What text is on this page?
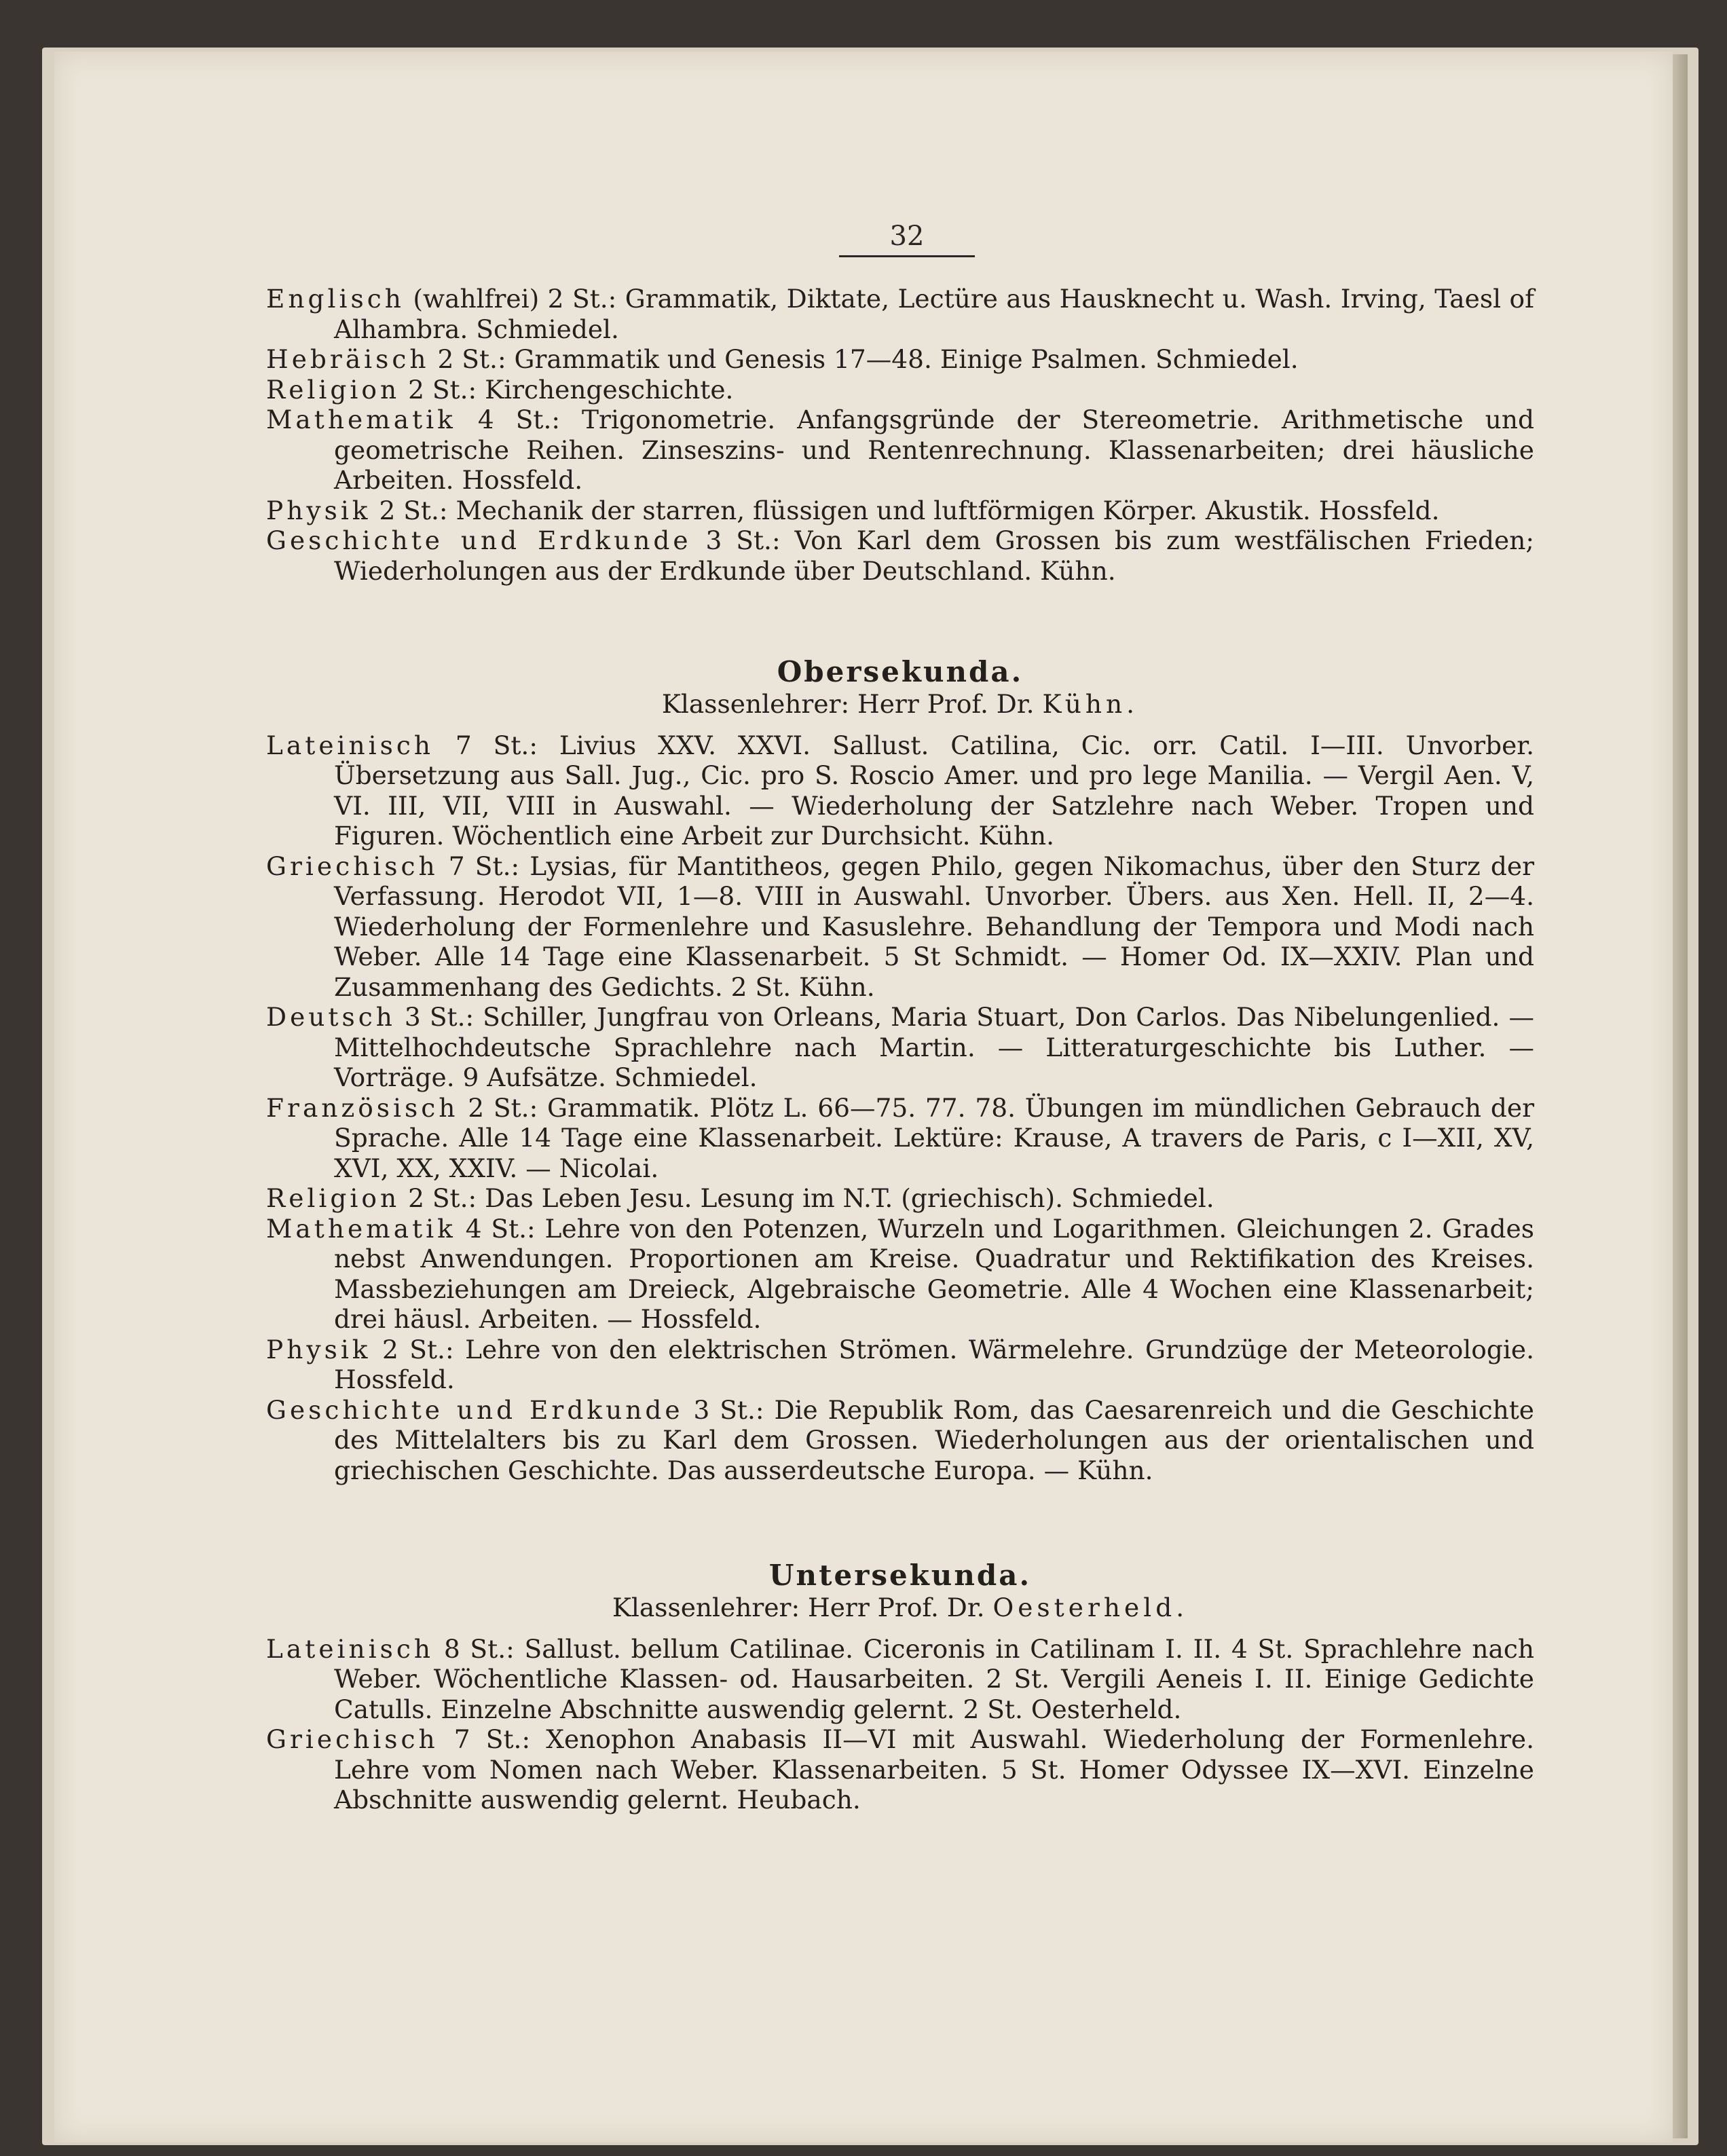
32

Englisch (wahlfrei) 2 St.: Grammatik, Diktate, Lectüre aus Hausknecht u. Wash. Irving, Taesl of Alhambra. Schmiedel.

Hebräisch 2 St.: Grammatik und Genesis 17—48. Einige Psalmen. Schmiedel.

Religion 2 St.: Kirchengeschichte.

Mathematik 4 St.: Trigonometrie. Anfangsgründe der Stereometrie. Arithmetische und geometrische Reihen. Zinseszins- und Rentenrechnung. Klassenarbeiten; drei häusliche Arbeiten. Hossfeld.

Physik 2 St.: Mechanik der starren, flüssigen und luftförmigen Körper. Akustik. Hossfeld.

Geschichte und Erdkunde 3 St.: Von Karl dem Grossen bis zum westfälischen Frieden; Wiederholungen aus der Erdkunde über Deutschland. Kühn.

Obersekunda.

Klassenlehrer: Herr Prof. Dr. Kühn.

Lateinisch 7 St.: Livius XXV. XXVI. Sallust. Catilina, Cic. orr. Catil. I—III. Unvorber. Übersetzung aus Sall. Jug., Cic. pro S. Roscio Amer. und pro lege Manilia. — Vergil Aen. V, VI. III, VII, VIII in Auswahl. — Wiederholung der Satzlehre nach Weber. Tropen und Figuren. Wöchentlich eine Arbeit zur Durchsicht. Kühn.

Griechisch 7 St.: Lysias, für Mantitheos, gegen Philo, gegen Nikomachus, über den Sturz der Verfassung. Herodot VII, 1—8. VIII in Auswahl. Unvorber. Übers. aus Xen. Hell. II, 2—4. Wiederholung der Formenlehre und Kasuslehre. Behandlung der Tempora und Modi nach Weber. Alle 14 Tage eine Klassenarbeit. 5 St Schmidt. — Homer Od. IX—XXIV. Plan und Zusammenhang des Gedichts. 2 St. Kühn.

Deutsch 3 St.: Schiller, Jungfrau von Orleans, Maria Stuart, Don Carlos. Das Nibelungenlied. — Mittelhochdeutsche Sprachlehre nach Martin. — Litteraturgeschichte bis Luther. — Vorträge. 9 Aufsätze. Schmiedel.

Französisch 2 St.: Grammatik. Plötz L. 66—75. 77. 78. Übungen im mündlichen Gebrauch der Sprache. Alle 14 Tage eine Klassenarbeit. Lektüre: Krause, A travers de Paris, c I—XII, XV, XVI, XX, XXIV. — Nicolai.

Religion 2 St.: Das Leben Jesu. Lesung im N.T. (griechisch). Schmiedel.

Mathematik 4 St.: Lehre von den Potenzen, Wurzeln und Logarithmen. Gleichungen 2. Grades nebst Anwendungen. Proportionen am Kreise. Quadratur und Rektifikation des Kreises. Massbeziehungen am Dreieck, Algebraische Geometrie. Alle 4 Wochen eine Klassenarbeit; drei häusl. Arbeiten. — Hossfeld.

Physik 2 St.: Lehre von den elektrischen Strömen. Wärmelehre. Grundzüge der Meteorologie. Hossfeld.

Geschichte und Erdkunde 3 St.: Die Republik Rom, das Caesarenreich und die Geschichte des Mittelalters bis zu Karl dem Grossen. Wiederholungen aus der orientalischen und griechischen Geschichte. Das ausserdeutsche Europa. — Kühn.

Untersekunda.

Klassenlehrer: Herr Prof. Dr. Oesterheld.

Lateinisch 8 St.: Sallust. bellum Catilinae. Ciceronis in Catilinam I. II. 4 St. Sprachlehre nach Weber. Wöchentliche Klassen- od. Hausarbeiten. 2 St. Vergili Aeneis I. II. Einige Gedichte Catulls. Einzelne Abschnitte auswendig gelernt. 2 St. Oesterheld.

Griechisch 7 St.: Xenophon Anabasis II—VI mit Auswahl. Wiederholung der Formenlehre. Lehre vom Nomen nach Weber. Klassenarbeiten. 5 St. Homer Odyssee IX—XVI. Einzelne Abschnitte auswendig gelernt. Heubach.
